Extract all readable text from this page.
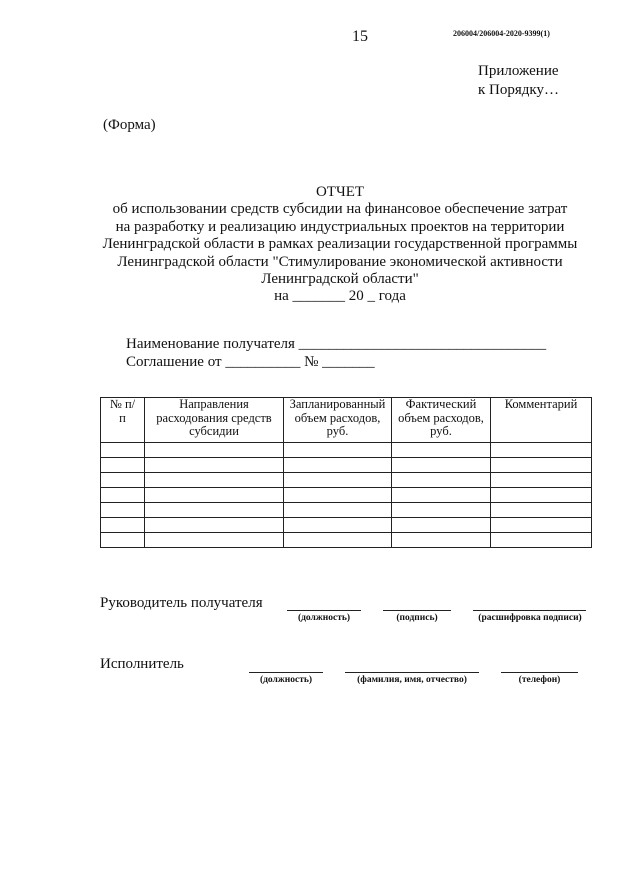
15	206004/206004-2020-9399(1)
Приложение
к Порядку…
(Форма)
ОТЧЕТ
об использовании средств субсидии на финансовое обеспечение затрат
на разработку и реализацию индустриальных проектов на территории
Ленинградской области в рамках реализации государственной программы
Ленинградской области "Стимулирование экономической активности
Ленинградской области"
на _______ 20 _ года
Наименование получателя _________________________________
Соглашение от __________ № _______
№ п/п	Направления расходования средств субсидии	Запланированный объем расходов, руб.	Фактический объем расходов, руб.	Комментарий

Руководитель получателя
(должность)	(подпись)	(расшифровка подписи)
Исполнитель
(должность)	(фамилия, имя, отчество)	(телефон)
